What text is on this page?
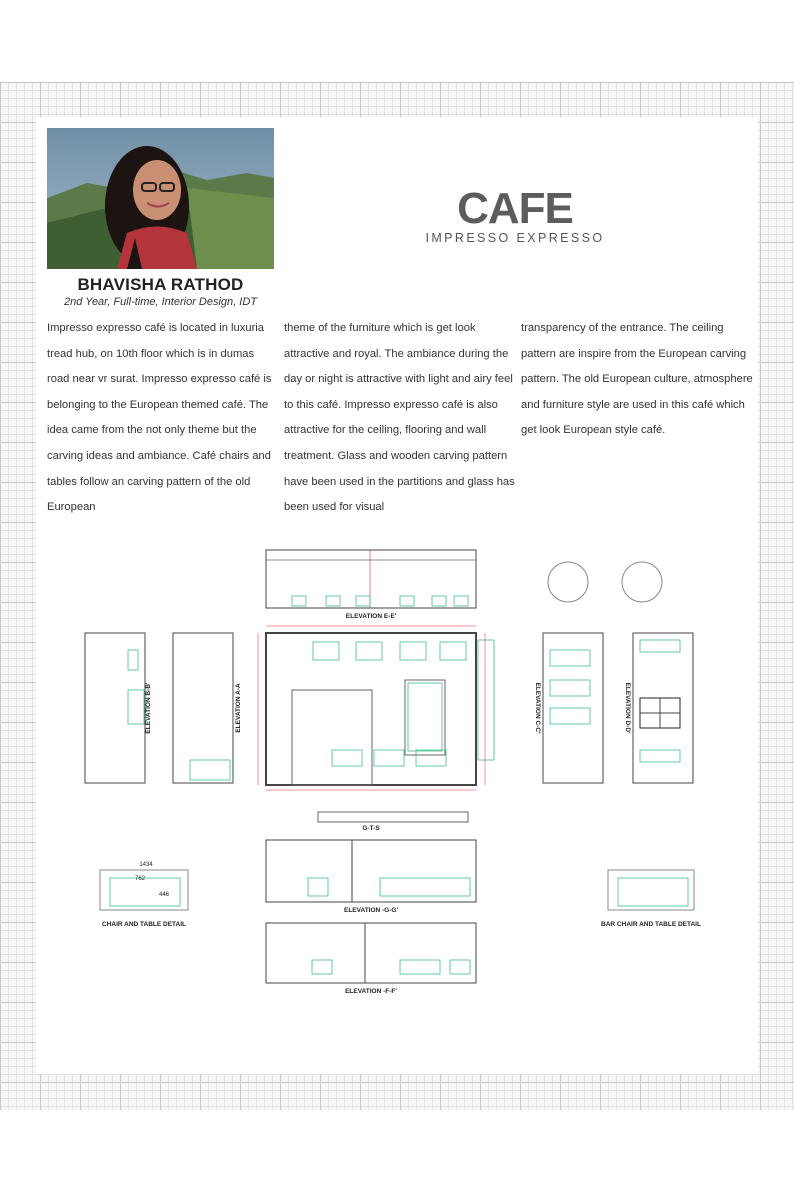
BHAVISHA RATHOD
2nd Year, Full-time, Interior Design, IDT
CAFE
IMPRESSO EXPRESSO
Impresso expresso café is located in luxuria tread hub, on 10th floor which is in dumas road near vr surat. Impresso expresso café is belonging to the European themed café. The idea came from the not only theme but the carving ideas and ambiance. Café chairs and tables follow an carving pattern of the old European
theme of the furniture which is get look attractive and royal. The ambiance during the day or night is attractive with light and airy feel to this café. Impresso expresso café is also attractive for the ceiling, flooring and wall treatment. Glass and wooden carving pattern have been used in the partitions and glass has been used for visual
transparency of the entrance. The ceiling pattern are inspire from the European carving pattern. The old European culture, atmosphere and furniture style are used in this café which get look European style café.
ELEVATION E-E'
ELEVATION B-B'	ELEVATION A-A	ELEVATION C-C'	ELEVATION D-D'
G-T-S
ELEVATION -G-G'
ELEVATION -F-F'
CHAIR AND TABLE DETAIL	BAR CHAIR AND TABLE DETAIL
1434
762
446
